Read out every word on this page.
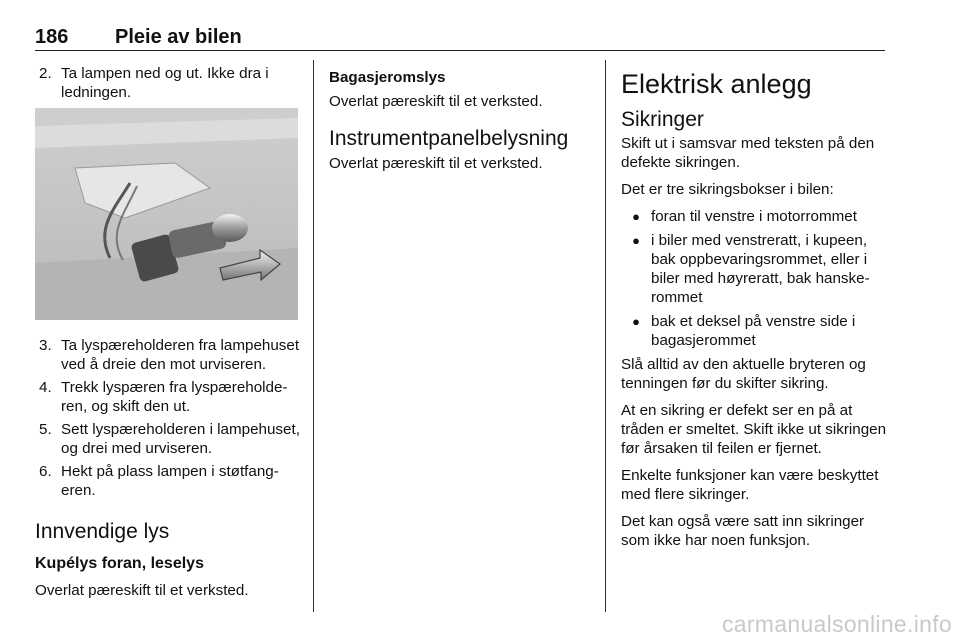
186 Pleie av bilen
2. Ta lampen ned og ut. Ikke dra i ledningen.
3. Ta lyspæreholderen fra lampehuset ved å dreie den mot urviseren.
4. Trekk lyspæren fra lyspæreholderen, og skift den ut.
5. Sett lyspæreholderen i lampehuset, og drei med urviseren.
6. Hekt på plass lampen i støtfangeren.
Innvendige lys
Kupélys foran, leselys

Overlat pæreskift til et verksted.

Bagasjeromslys

Overlat pæreskift til et verksted.

Instrumentpanelbelysning

Overlat pæreskift til et verksted.

Elektrisk anlegg
Sikringer

Skift ut i samsvar med teksten på den defekte sikringen.

Det er tre sikringsbokser i bilen:

● foran til venstre i motorrommet
● i biler med venstreratt, i kupeen, bak oppbevaringsrommet, eller i biler med høyreratt, bak hanskerommet
● bak et deksel på venstre side i bagasjerommet

Slå alltid av den aktuelle bryteren og tenningen før du skifter sikring.

At en sikring er defekt ser en på at tråden er smeltet. Skift ikke ut sikringen før årsaken til feilen er fjernet.

Enkelte funksjoner kan være beskyttet med flere sikringer.

Det kan også være satt inn sikringer som ikke har noen funksjon.

carmanualsonline.info
